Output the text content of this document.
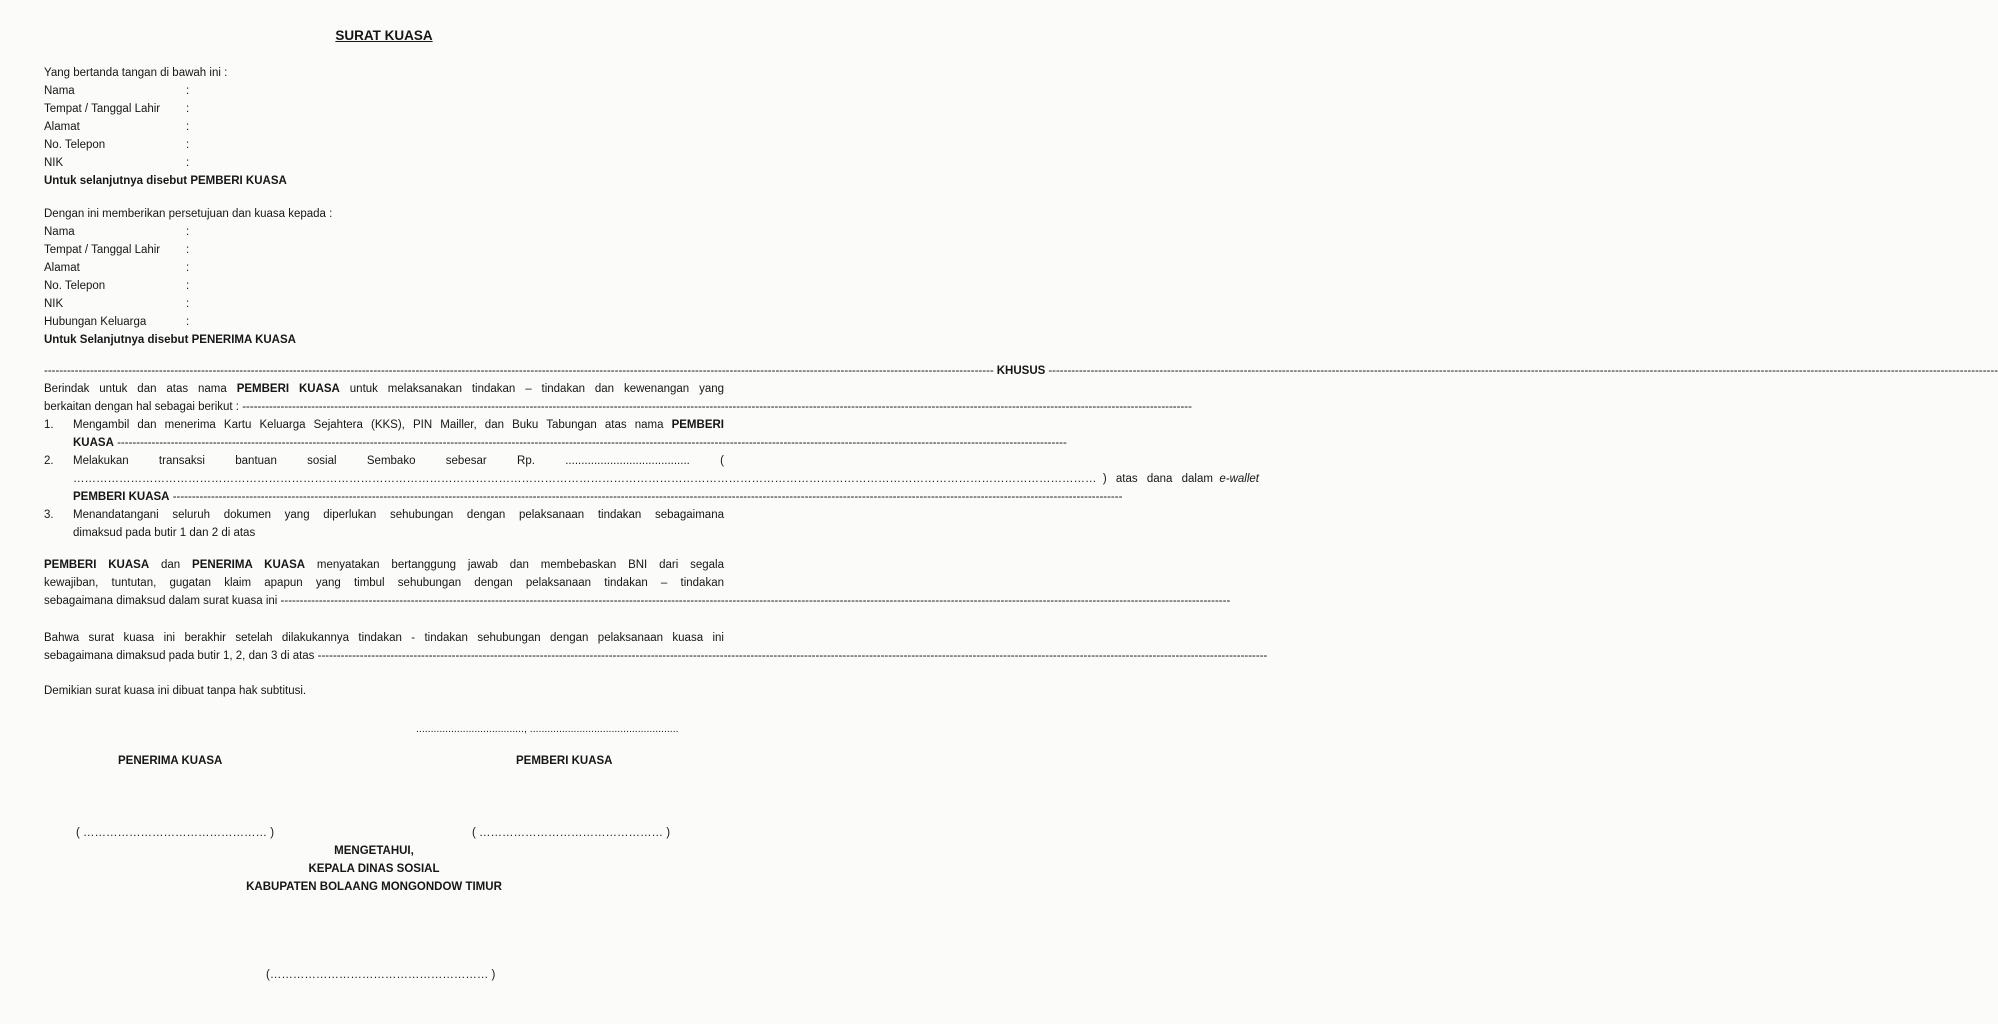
SURAT KUASA
Yang bertanda tangan di bawah ini :
Nama	:
Tempat / Tanggal Lahir :
Alamat	:
No. Telepon	:
NIK	:
Untuk selanjutnya disebut PEMBERI KUASA
Dengan ini memberikan persetujuan dan kuasa kepada :
Nama	:
Tempat / Tanggal Lahir :
Alamat	:
No. Telepon	:
NIK	:
Hubungan Keluarga	:
Untuk Selanjutnya disebut PENERIMA KUASA
-------------------------------------------------------------------------------------------------------------------------------------------------------------------------------------------------------------------------------------------------------- KHUSUS --------------------------------------------------------------------------------------------------------------------------------------------------------------------------------------------------------------------------------------------------------
Berindak untuk dan atas nama PEMBERI KUASA untuk melaksanakan tindakan – tindakan dan kewenangan yang
berkaitan dengan hal sebagai berikut :
--------------------------------------------------------------------------------------------------------------------------------------------------------------------------------------------------------------------------------------------------------
1. Mengambil dan menerima Kartu Keluarga Sejahtera (KKS), PIN Mailler, dan Buku Tabungan atas nama PEMBERI
KUASA
--------------------------------------------------------------------------------------------------------------------------------------------------------------------------------------------------------------------------------------------------------
2. Melakukan transaksi bantuan sosial Sembako sebesar Rp. ....................................... (
……………………………………………………………………………………………………………………………………………………………………………………………………………………………………………
) atas dana dalam
e-wallet
PEMBERI KUASA
--------------------------------------------------------------------------------------------------------------------------------------------------------------------------------------------------------------------------------------------------------
3. Menandatangani seluruh dokumen yang diperlukan sehubungan dengan pelaksanaan tindakan sebagaimana
dimaksud pada butir 1 dan 2 di atas
PEMBERI KUASA dan PENERIMA KUASA menyatakan bertanggung jawab dan membebaskan BNI dari segala
kewajiban, tuntutan, gugatan klaim apapun yang timbul sehubungan dengan pelaksanaan tindakan – tindakan
sebagaimana dimaksud dalam surat kuasa ini
--------------------------------------------------------------------------------------------------------------------------------------------------------------------------------------------------------------------------------------------------------
Bahwa surat kuasa ini berakhir setelah dilakukannya tindakan - tindakan sehubungan dengan pelaksanaan kuasa ini
sebagaimana dimaksud pada butir 1, 2, dan 3 di atas
--------------------------------------------------------------------------------------------------------------------------------------------------------------------------------------------------------------------------------------------------------
Demikian surat kuasa ini dibuat tanpa hak subtitusi.
....................................., ...................................................
PENERIMA KUASA	PEMBERI KUASA
( ………………………………………… )	( ………………………………………… )
MENGETAHUI,
KEPALA DINAS SOSIAL
KABUPATEN BOLAANG MONGONDOW TIMUR
(………………………………………………… )
